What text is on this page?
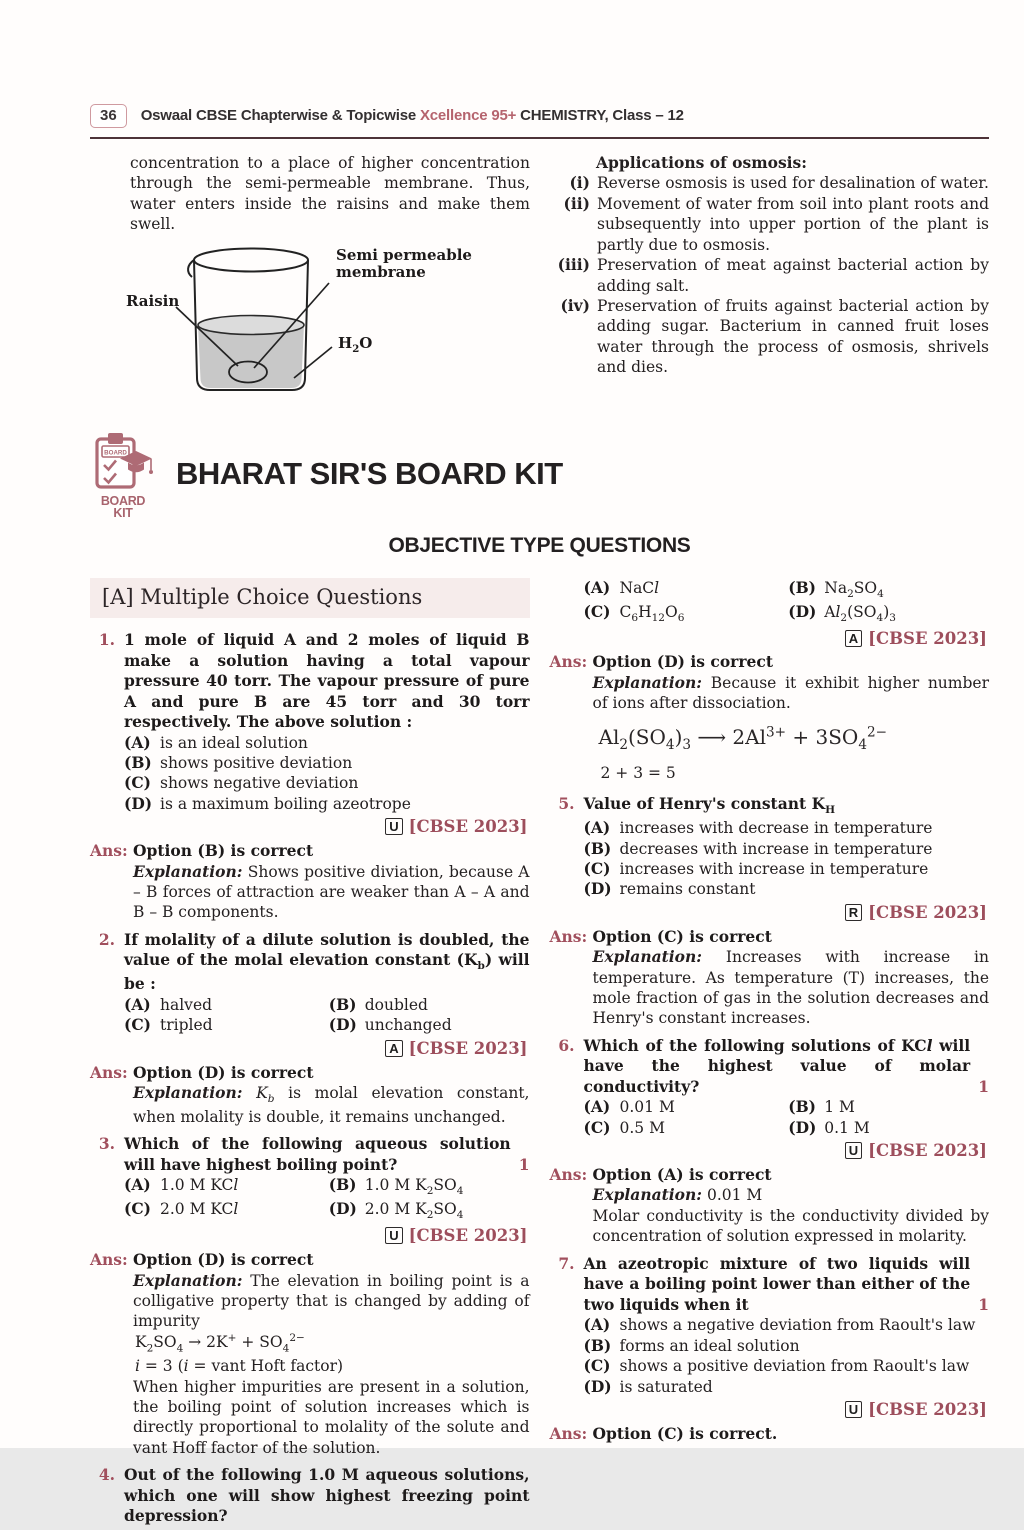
36	Oswaal CBSE Chapterwise & Topicwise Xcellence 95+ CHEMISTRY, Class – 12

concentration to a place of higher concentration through the semi-permeable membrane. Thus, water enters inside the raisins and make them swell.

Semi permeable
membrane
Raisin
$H_2O$
Applications of osmosis:
(i) Reverse osmosis is used for desalination of water.
(ii) Movement of water from soil into plant roots and subsequently into upper portion of the plant is partly due to osmosis.
(iii) Preservation of meat against bacterial action by adding salt.
(iv) Preservation of fruits against bacterial action by adding sugar. Bacterium in canned fruit loses water through the process of osmosis, shrivels and dies.
BOARD
BOARD
KIT
BHARAT SIR'S BOARD KIT
OBJECTIVE TYPE QUESTIONS
[A] Multiple Choice Questions
1. 1 mole of liquid A and 2 moles of liquid B make a solution having a total vapour pressure 40 torr. The vapour pressure of pure A and pure B are 45 torr and 30 torr respectively. The above solution :
(A) is an ideal solution
(B) shows positive deviation
(C) shows negative deviation
(D) is a maximum boiling azeotrope
U [CBSE 2023]
Ans: Option (B) is correct
Explanation: Shows positive diviation, because A – B forces of attraction are weaker than A – A and B – B components.
2. If molality of a dilute solution is doubled, the value of the molal elevation constant $(K_b)$ will be :
(A) halved	(B) doubled
(C) tripled	(D) unchanged
A [CBSE 2023]
Ans: Option (D) is correct
Explanation: $K_b$ is molal elevation constant, when molality is double, it remains unchanged.
3. Which of the following aqueous solution will have highest boiling point?	1
(A) 1.0 M KCl	(B) 1.0 M $K_2SO_4$
(C) 2.0 M KCl	(D) 2.0 M $K_2SO_4$
U [CBSE 2023]
Ans: Option (D) is correct
Explanation: The elevation in boiling point is a colligative property that is changed by adding of impurity
$K_2SO_4 \to 2K^+ + SO_4^{2-}$
i = 3 (i = vant Hoft factor)
When higher impurities are present in a solution, the boiling point of solution increases which is directly proportional to molality of the solute and vant Hoff factor of the solution.
4. Out of the following 1.0 M aqueous solutions, which one will show highest freezing point depression?
(A) NaCl	(B) $Na_2SO_4$
(C) $C_6H_{12}O_6$	(D) $Al_2(SO_4)_3$
A [CBSE 2023]
Ans: Option (D) is correct
Explanation: Because it exhibit higher number of ions after dissociation.
$Al_2(SO_4)_3$ ⟶ $2Al^{3+} + 3SO_4^{2-}$
2 + 3 = 5
5. Value of Henry's constant $K_H$
(A) increases with decrease in temperature
(B) decreases with increase in temperature
(C) increases with increase in temperature
(D) remains constant
R [CBSE 2023]
Ans: Option (C) is correct
Explanation: Increases with increase in temperature. As temperature (T) increases, the mole fraction of gas in the solution decreases and Henry's constant increases.
6. Which of the following solutions of KCl will have the highest value of molar conductivity?	1
(A) 0.01 M	(B) 1 M
(C) 0.5 M	(D) 0.1 M
U [CBSE 2023]
Ans: Option (A) is correct
Explanation: 0.01 M
Molar conductivity is the conductivity divided by concentration of solution expressed in molarity.
7. An azeotropic mixture of two liquids will have a boiling point lower than either of the two liquids when it	1
(A) shows a negative deviation from Raoult's law
(B) forms an ideal solution
(C) shows a positive deviation from Raoult's law
(D) is saturated
U [CBSE 2023]
Ans: Option (C) is correct.
